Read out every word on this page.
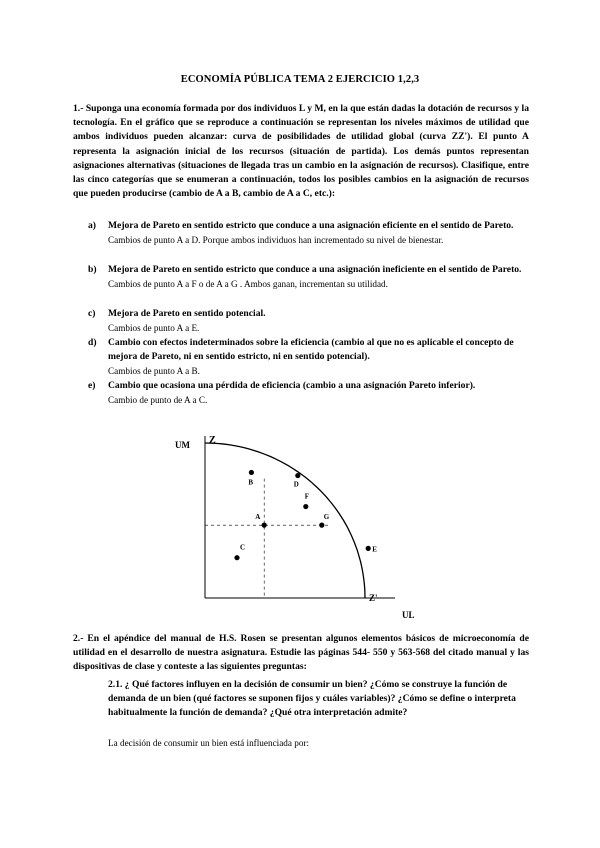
ECONOMÍA PÚBLICA TEMA 2 EJERCICIO 1,2,3
1.- Suponga una economía formada por dos individuos L y M, en la que están dadas la dotación de recursos y la tecnología. En el gráfico que se reproduce a continuación se representan los niveles máximos de utilidad que ambos individuos pueden alcanzar: curva de posibilidades de utilidad global (curva ZZ'). El punto A representa la asignación inicial de los recursos (situación de partida). Los demás puntos representan asignaciones alternativas (situaciones de llegada tras un cambio en la asignación de recursos). Clasifique, entre las cinco categorías que se enumeran a continuación, todos los posibles cambios en la asignación de recursos que pueden producirse (cambio de A a B, cambio de A a C, etc.):
a) Mejora de Pareto en sentido estricto que conduce a una asignación eficiente en el sentido de Pareto.
Cambios de punto A a D. Porque ambos individuos han incrementado su nivel de bienestar.
b) Mejora de Pareto en sentido estricto que conduce a una asignación ineficiente en el sentido de Pareto.
Cambios de punto A a F o de A a G . Ambos ganan, incrementan su utilidad.
c) Mejora de Pareto en sentido potencial.
Cambios de punto A a E.
d) Cambio con efectos indeterminados sobre la eficiencia (cambio al que no es aplicable el concepto de mejora de Pareto, ni en sentido estricto, ni en sentido potencial).
Cambios de punto A a B.
e) Cambio que ocasiona una pérdida de eficiencia (cambio a una asignación Pareto inferior).
Cambio de punto de A a C.
UM
UL
Z
Z'
A
B
C
D
E
F
G
2.- En el apéndice del manual de H.S. Rosen se presentan algunos elementos básicos de microeconomía de utilidad en el desarrollo de nuestra asignatura. Estudie las páginas 544- 550 y 563-568 del citado manual y las dispositivas de clase y conteste a las siguientes preguntas:
2.1. ¿ Qué factores influyen en la decisión de consumir un bien? ¿Cómo se construye la función de demanda de un bien (qué factores se suponen fijos y cuáles variables)? ¿Cómo se define o interpreta habitualmente la función de demanda? ¿Qué otra interpretación admite?
La decisión de consumir un bien está influenciada por:
